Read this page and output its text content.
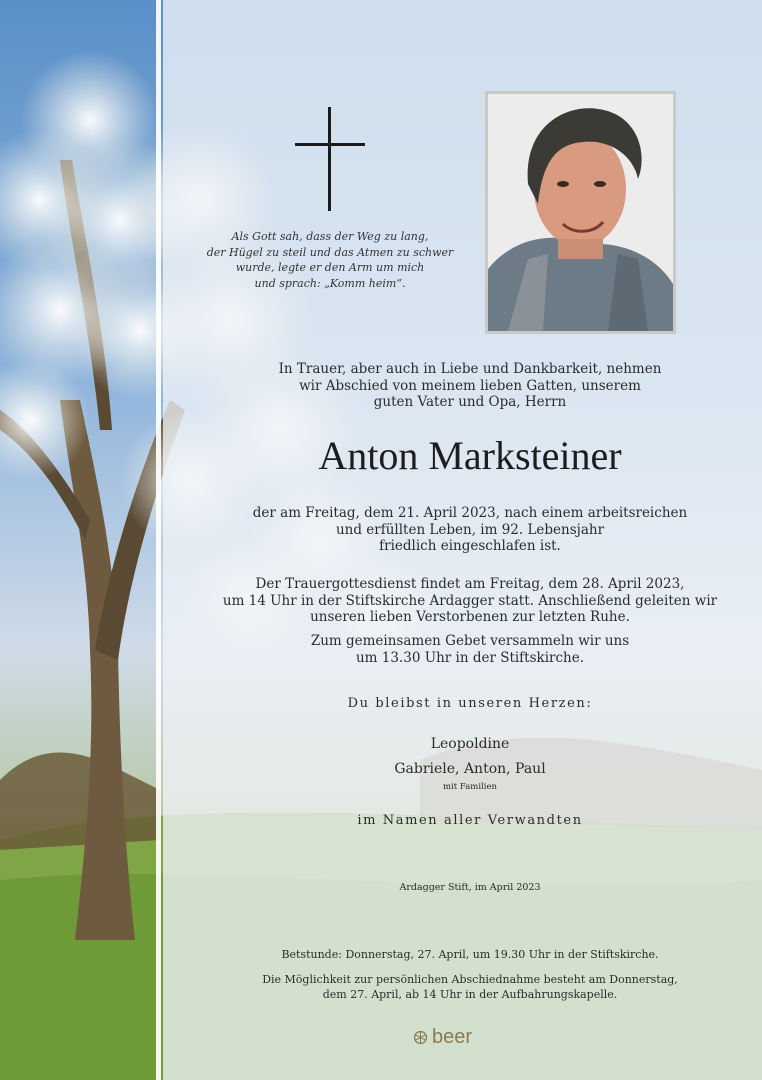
Als Gott sah, dass der Weg zu lang,
der Hügel zu steil und das Atmen zu schwer
wurde, legte er den Arm um mich
und sprach: „Komm heim“.
In Trauer, aber auch in Liebe und Dankbarkeit, nehmen
wir Abschied von meinem lieben Gatten, unserem
guten Vater und Opa, Herrn
Anton Marksteiner
der am Freitag, dem 21. April 2023, nach einem arbeitsreichen
und erfüllten Leben, im 92. Lebensjahr
friedlich eingeschlafen ist.
Der Trauergottesdienst findet am Freitag, dem 28. April 2023,
um 14 Uhr in der Stiftskirche Ardagger statt. Anschließend geleiten wir
unseren lieben Verstorbenen zur letzten Ruhe.
Zum gemeinsamen Gebet versammeln wir uns
um 13.30 Uhr in der Stiftskirche.
Du bleibst in unseren Herzen:
Leopoldine
Gabriele, Anton, Paul
mit Familien
im Namen aller Verwandten
Ardagger Stift, im April 2023
Betstunde: Donnerstag, 27. April, um 19.30 Uhr in der Stiftskirche.
Die Möglichkeit zur persönlichen Abschiednahme besteht am Donnerstag,
dem 27. April, ab 14 Uhr in der Aufbahrungskapelle.
beer
